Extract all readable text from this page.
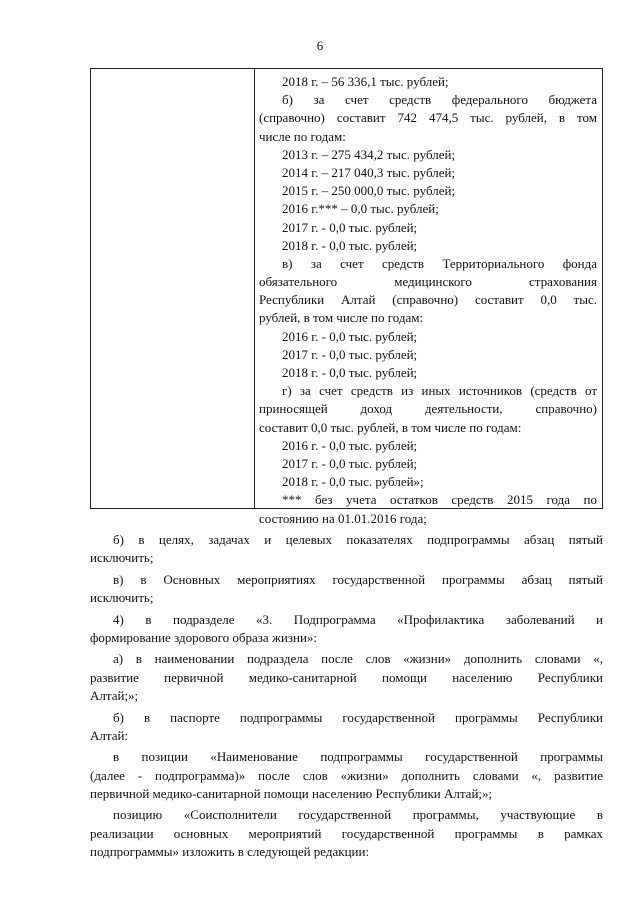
6
2018 г. – 56 336,1 тыс. рублей;
б) за счет средств федерального бюджета
(справочно) составит 742 474,5 тыс. рублей, в том
числе по годам:
2013 г. – 275 434,2 тыс. рублей;
2014 г. – 217 040,3 тыс. рублей;
2015 г. – 250 000,0 тыс. рублей;
2016 г.*** – 0,0 тыс. рублей;
2017 г. - 0,0 тыс. рублей;
2018 г. - 0,0 тыс. рублей;
в) за счет средств Территориального фонда
обязательного медицинского страхования
Республики Алтай (справочно) составит 0,0 тыс.
рублей, в том числе по годам:
2016 г. - 0,0 тыс. рублей;
2017 г. - 0,0 тыс. рублей;
2018 г. - 0,0 тыс. рублей;
г) за счет средств из иных источников (средств от
приносящей доход деятельности, справочно)
составит 0,0 тыс. рублей, в том числе по годам:
2016 г. - 0,0 тыс. рублей;
2017 г. - 0,0 тыс. рублей;
2018 г. - 0,0 тыс. рублей»;
*** без учета остатков средств 2015 года по
состоянию на 01.01.2016 года;
б) в целях, задачах и целевых показателях подпрограммы абзац пятый
исключить;
в) в Основных мероприятиях государственной программы абзац пятый
исключить;
4) в подразделе «3. Подпрограмма «Профилактика заболеваний и
формирование здорового образа жизни»:
а) в наименовании подраздела после слов «жизни» дополнить словами «,
развитие первичной медико-санитарной помощи населению Республики
Алтай;»;
б) в паспорте подпрограммы государственной программы Республики
Алтай:
в позиции «Наименование подпрограммы государственной программы
(далее - подпрограмма)» после слов «жизни» дополнить словами «, развитие
первичной медико-санитарной помощи населению Республики Алтай;»;
позицию «Соисполнители государственной программы, участвующие в
реализации основных мероприятий государственной программы в рамках
подпрограммы» изложить в следующей редакции:
